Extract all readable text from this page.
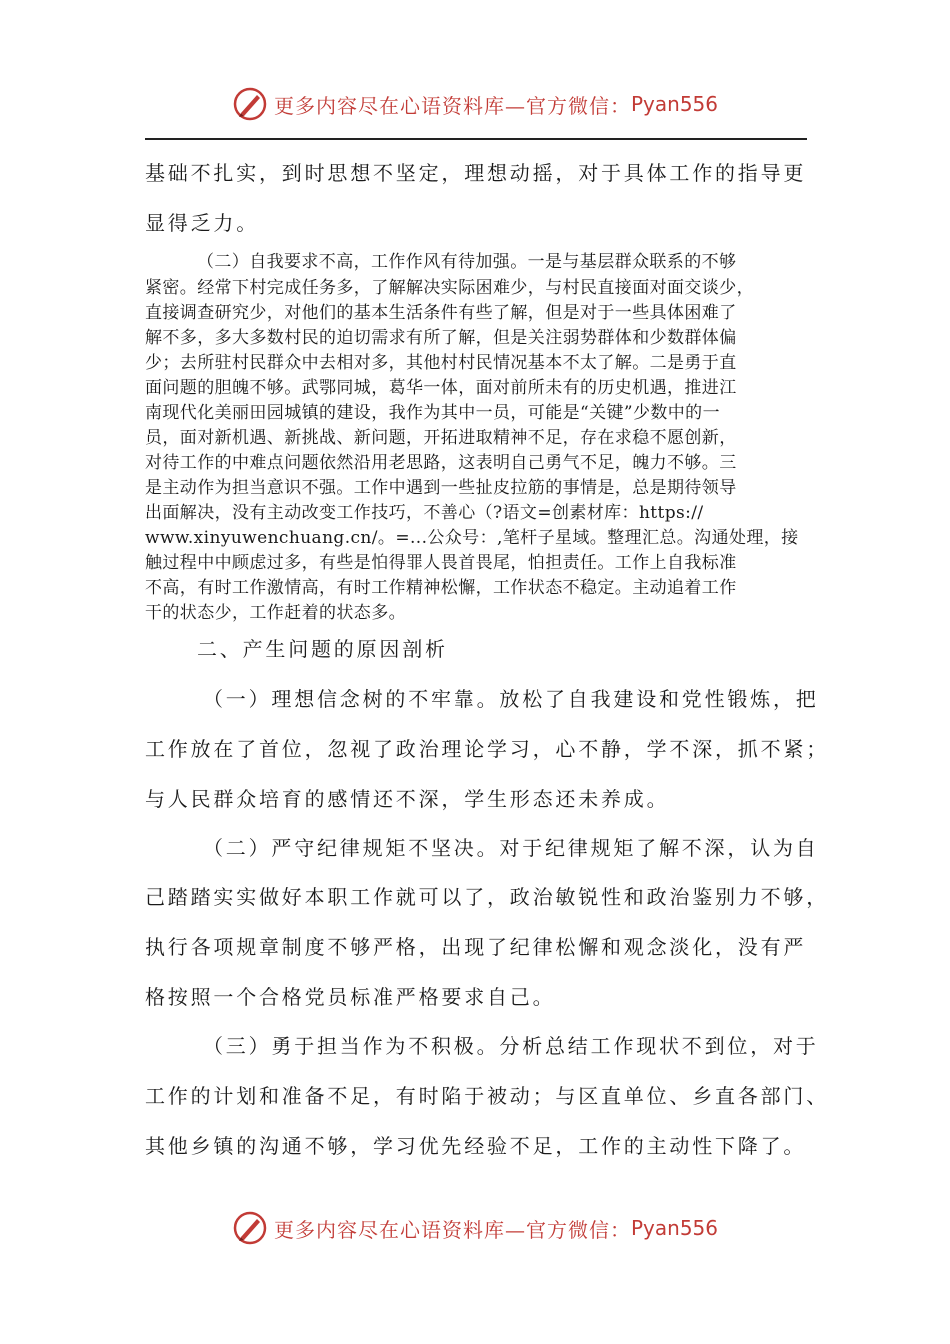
更多内容尽在心语资料库—官方微信： Pyan556

基础不扎实，到时思想不坚定，理想动摇，对于具体工作的指导更

显得乏力。

（二）自我要求不高，工作作风有待加强。一是与基层群众联系的不够

紧密。经常下村完成任务多，了解解决实际困难少，与村民直接面对面交谈少，

直接调查研究少，对他们的基本生活条件有些了解，但是对于一些具体困难了

解不多，多大多数村民的迫切需求有所了解，但是关注弱势群体和少数群体偏

少；去所驻村民群众中去相对多，其他村村民情况基本不太了解。二是勇于直

面问题的胆魄不够。武鄂同城，葛华一体，面对前所未有的历史机遇，推进江

南现代化美丽田园城镇的建设，我作为其中一员，可能是“关键”少数中的一

员，面对新机遇、新挑战、新问题，开拓进取精神不足，存在求稳不愿创新，

对待工作的中难点问题依然沿用老思路，这表明自己勇气不足，魄力不够。三

是主动作为担当意识不强。工作中遇到一些扯皮拉筋的事情是，总是期待领导

出面解决，没有主动改变工作技巧，不善心（?语文=创素材库：https://

www.xinyuwenchuang.cn/。=...公众号：,笔杆子星域。整理汇总。沟通处理，接

触过程中中顾虑过多，有些是怕得罪人畏首畏尾，怕担责任。工作上自我标准

不高，有时工作激情高，有时工作精神松懈，工作状态不稳定。主动追着工作

干的状态少，工作赶着的状态多。

二、产生问题的原因剖析

（一）理想信念树的不牢靠。放松了自我建设和党性锻炼，把

工作放在了首位，忽视了政治理论学习，心不静，学不深，抓不紧；

与人民群众培育的感情还不深，学生形态还未养成。

（二）严守纪律规矩不坚决。对于纪律规矩了解不深，认为自

己踏踏实实做好本职工作就可以了，政治敏锐性和政治鉴别力不够，

执行各项规章制度不够严格，出现了纪律松懈和观念淡化，没有严

格按照一个合格党员标准严格要求自己。

（三）勇于担当作为不积极。分析总结工作现状不到位，对于

工作的计划和准备不足，有时陷于被动；与区直单位、乡直各部门、

其他乡镇的沟通不够，学习优先经验不足，工作的主动性下降了。

更多内容尽在心语资料库—官方微信： Pyan556
